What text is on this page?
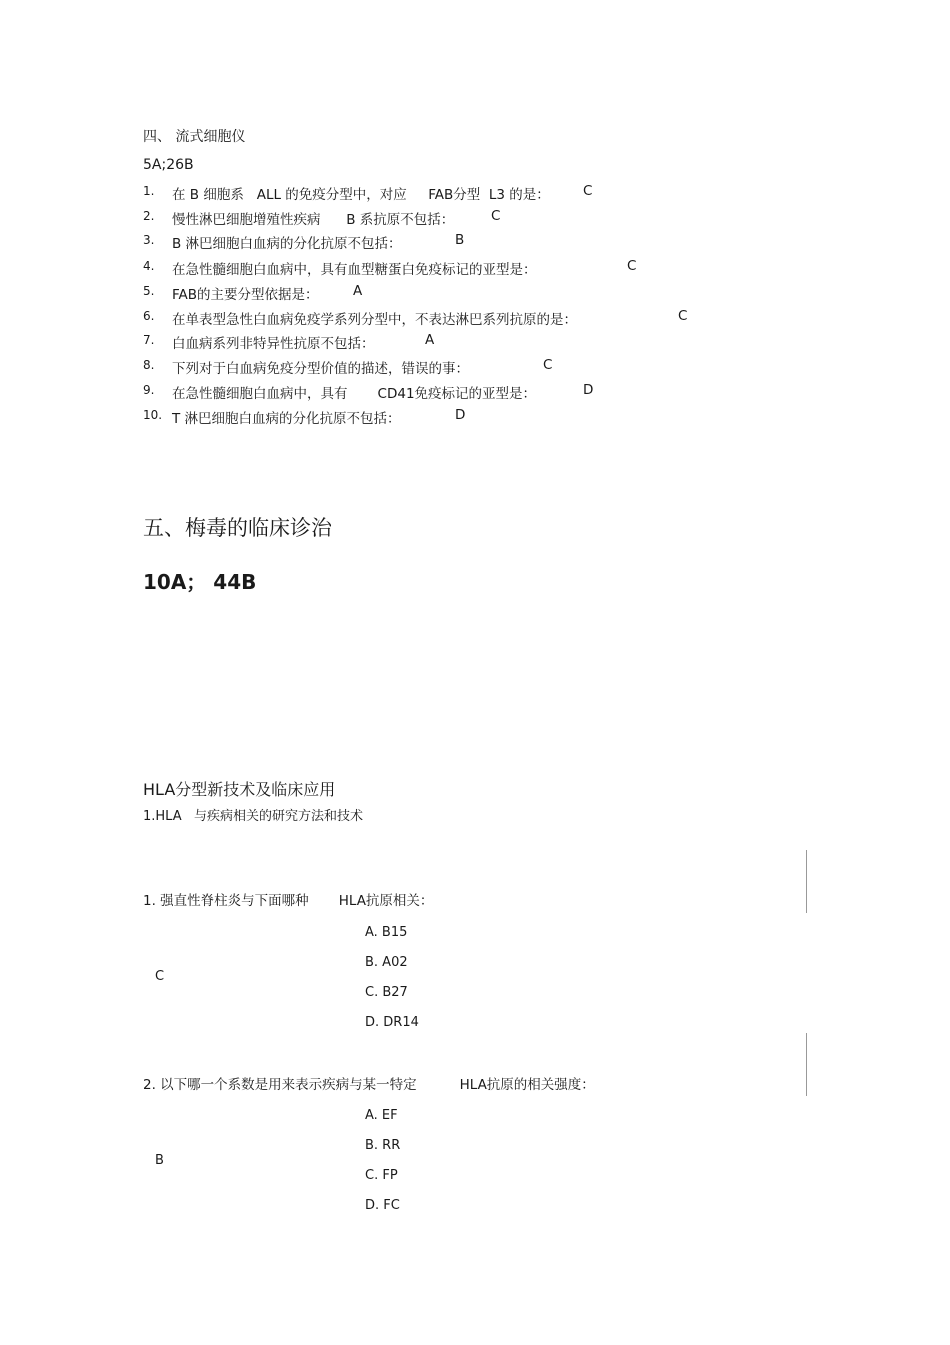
四、 流式细胞仪
5A;26B
1. 在 B 细胞系   ALL 的免疫分型中，对应     FAB分型  L3 的是： C
2. 慢性淋巴细胞增殖性疾病      B 系抗原不包括：	C
3. B 淋巴细胞白血病的分化抗原不包括：	B
4. 在急性髓细胞白血病中，具有血型糖蛋白免疫标记的亚型是：	C
5. FAB的主要分型依据是：	A
6. 在单表型急性白血病免疫学系列分型中，不表达淋巴系列抗原的是：	C
7. 白血病系列非特异性抗原不包括：	A
8. 下列对于白血病免疫分型价值的描述，错误的事：	C
9. 在急性髓细胞白血病中，具有       CD41免疫标记的亚型是：	D
10. T 淋巴细胞白血病的分化抗原不包括：	D
五、梅毒的临床诊治
10A； 44B
HLA分型新技术及临床应用
1.HLA   与疾病相关的研究方法和技术
1. 强直性脊柱炎与下面哪种       HLA抗原相关：
C
A. B15
B. A02
C. B27
D. DR14
2. 以下哪一个系数是用来表示疾病与某一特定          HLA抗原的相关强度：
B
A. EF
B. RR
C. FP
D. FC
